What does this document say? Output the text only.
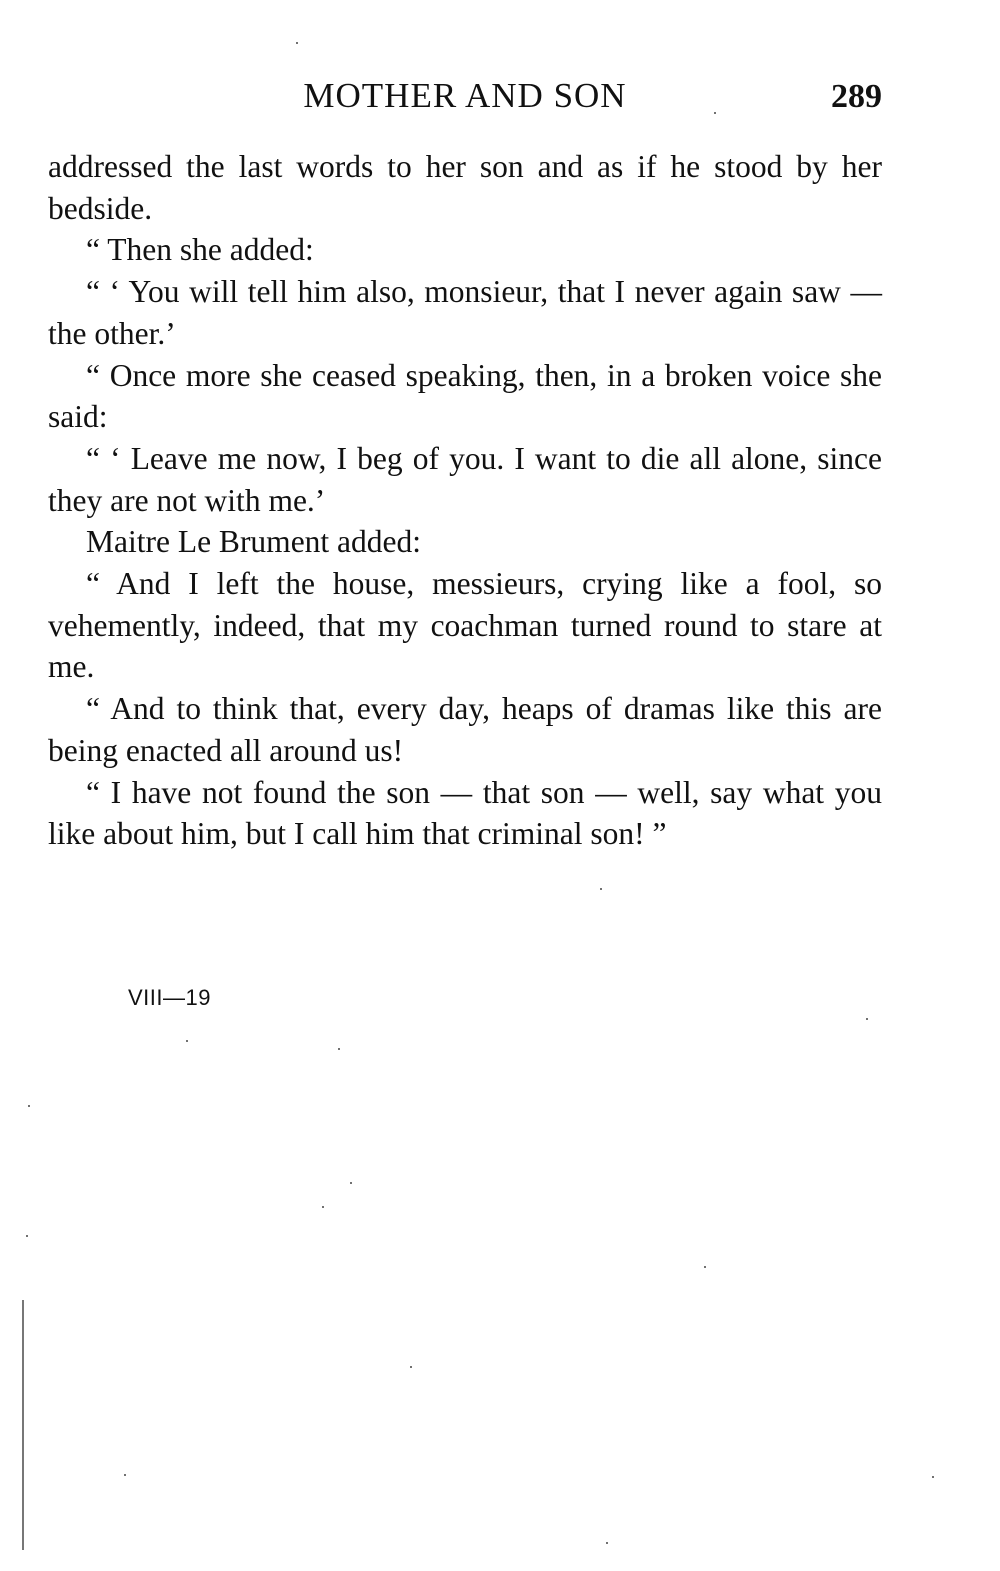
MOTHER AND SON	289

addressed the last words to her son and as if he stood by her bedside.

“ Then she added:

“ ‘ You will tell him also, monsieur, that I never again saw — the other.’

“ Once more she ceased speaking, then, in a broken voice she said:

“ ‘ Leave me now, I beg of you. I want to die all alone, since they are not with me.’

Maitre Le Brument added:

“ And I left the house, messieurs, crying like a fool, so vehemently, indeed, that my coachman turned round to stare at me.

“ And to think that, every day, heaps of dramas like this are being enacted all around us!

“ I have not found the son — that son — well, say what you like about him, but I call him that criminal son! ”

VIII—19
